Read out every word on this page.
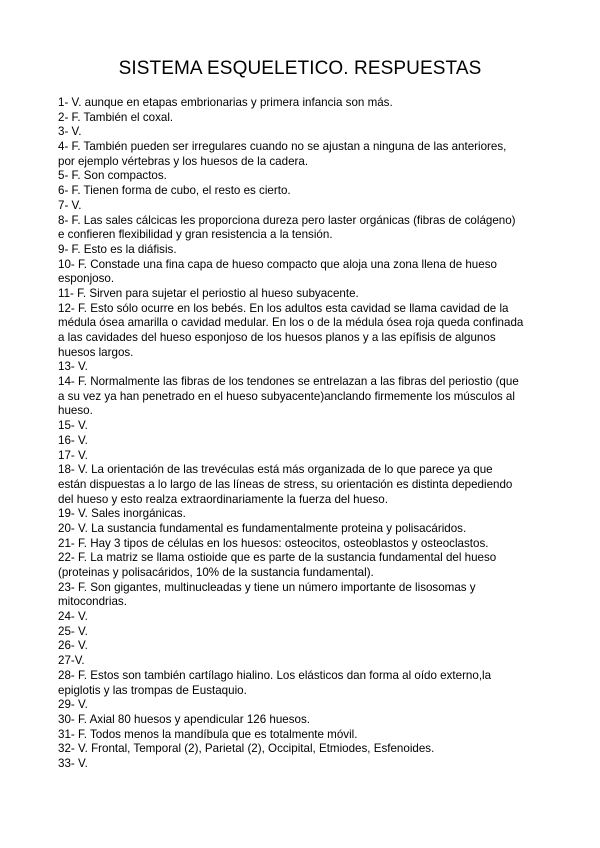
SISTEMA ESQUELETICO. RESPUESTAS
1- V. aunque en etapas embrionarias y primera infancia son más.
2- F. También el coxal.
3- V.
4- F. También pueden ser irregulares cuando no se ajustan a ninguna de las anteriores,
por ejemplo vértebras y los huesos de la cadera.
5- F. Son compactos.
6- F. Tienen forma de cubo, el resto es cierto.
7- V.
8- F. Las sales cálcicas les proporciona dureza pero laster orgánicas (fibras de colágeno)
e confieren flexibilidad y gran resistencia a la tensión.
9- F. Esto es la diáfisis.
10- F. Constade una fina capa de hueso compacto que aloja una zona llena de hueso
esponjoso.
11- F. Sirven para sujetar el periostio al hueso subyacente.
12- F. Esto sólo ocurre en los bebés. En los adultos esta cavidad se llama cavidad de la
médula ósea amarilla o cavidad medular. En los o de la médula ósea roja queda confinada
a las cavidades del hueso esponjoso de los huesos planos y a las epífisis de algunos
huesos largos.
13- V.
14- F. Normalmente las fibras de los tendones se entrelazan a las fibras del periostio (que
a su vez ya han penetrado en el hueso subyacente)anclando firmemente los músculos al
hueso.
15- V.
16- V.
17- V.
18- V. La orientación de las trevéculas está más organizada de lo que parece ya que
están dispuestas a lo largo de las líneas de stress, su orientación es distinta depediendo
del hueso y esto realza extraordinariamente la fuerza del hueso.
19- V. Sales inorgánicas.
20- V. La sustancia fundamental es fundamentalmente proteina y polisacáridos.
21- F. Hay 3 tipos de células en los huesos: osteocitos, osteoblastos y osteoclastos.
22- F. La matriz se llama ostioide que es parte de la sustancia fundamental del hueso
(proteinas y polisacáridos, 10% de la sustancia fundamental).
23- F. Son gigantes, multinucleadas y tiene un número importante de lisosomas y
mitocondrias.
24- V.
25- V.
26- V.
27-V.
28- F. Estos son también cartílago hialino. Los elásticos dan forma al oído externo,la
epiglotis y las trompas de Eustaquio.
29- V.
30- F. Axial 80 huesos y apendicular 126 huesos.
31- F. Todos menos la mandíbula que es totalmente móvil.
32- V. Frontal, Temporal (2), Parietal (2), Occipital, Etmiodes, Esfenoides.
33- V.
